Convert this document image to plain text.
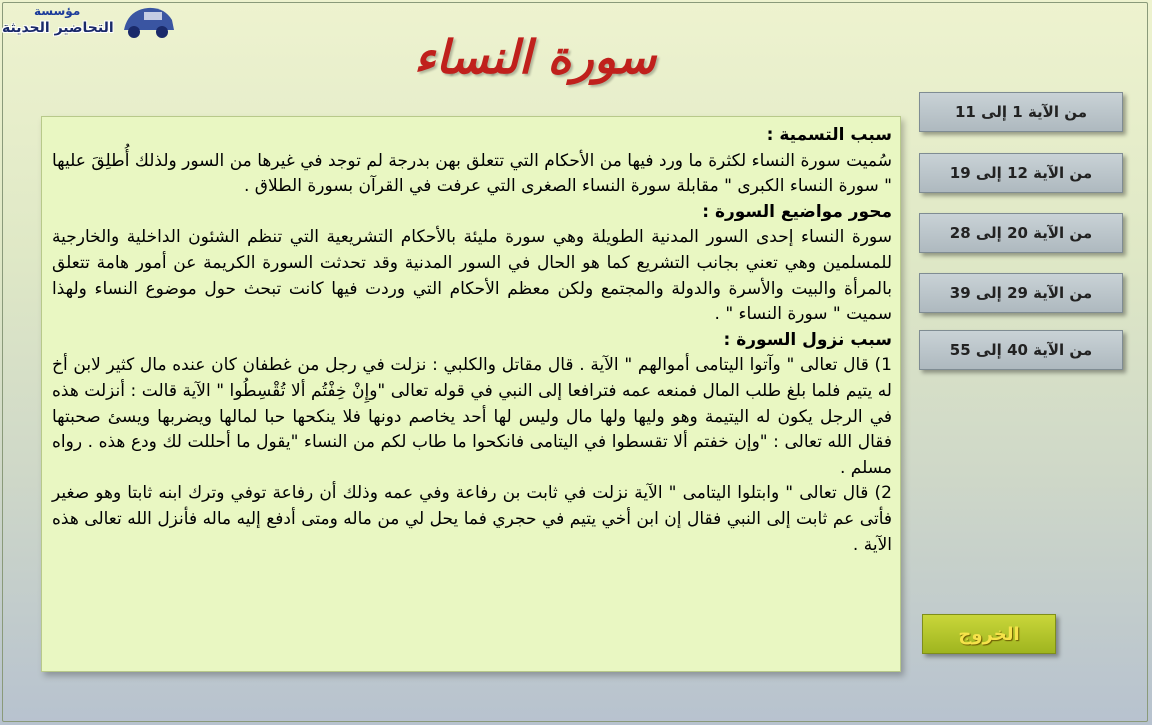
مؤسسة
التحاضير الحديثة
سورة النساء
سبب التسمية :

سُميت سورة النساء لكثرة ما ورد فيها من الأحكام التي تتعلق بهن بدرجة لم توجد في غيرها من السور ولذلك أُطلِقَ عليها " سورة النساء الكبرى " مقابلة سورة النساء الصغرى التي عرفت في القرآن بسورة الطلاق .

محور مواضيع السورة :

سورة النساء إحدى السور المدنية الطويلة وهي سورة مليئة بالأحكام التشريعية التي تنظم الشئون الداخلية والخارجية للمسلمين وهي تعني بجانب التشريع كما هو الحال في السور المدنية وقد تحدثت السورة الكريمة عن أمور هامة تتعلق بالمرأة والبيت والأسرة والدولة والمجتمع ولكن معظم الأحكام التي وردت فيها كانت تبحث حول موضوع النساء ولهذا سميت " سورة النساء " .

سبب نزول السورة :

1) قال تعالى " وآتوا اليتامى أموالهم " الآية . قال مقاتل والكلبي : نزلت في رجل من غطفان كان عنده مال كثير لابن أخ له يتيم فلما بلغ طلب المال فمنعه عمه فترافعا إلى النبي في قوله تعالى "وإِنْ خِفْتُم ألا تُقْسِطُوا " الآية قالت : أنزلت هذه في الرجل يكون له اليتيمة وهو وليها ولها مال وليس لها أحد يخاصم دونها فلا ينكحها حبا لمالها ويضربها ويسئ صحبتها فقال الله تعالى : "وإن خفتم ألا تقسطوا في اليتامى فانكحوا ما طاب لكم من النساء "يقول ما أحللت لك ودع هذه . رواه مسلم .

2) قال تعالى " وابتلوا اليتامى " الآية نزلت في ثابت بن رفاعة وفي عمه وذلك أن رفاعة توفي وترك ابنه ثابتا وهو صغير فأتى عم ثابت إلى النبي فقال إن ابن أخي يتيم في حجري فما يحل لي من ماله ومتى أدفع إليه ماله فأنزل الله تعالى هذه الآية .

من الآية 1 إلى 11
من الآية 12 إلى 19
من الآية 20 إلى 28
من الآية 29 إلى 39
من الآية 40 إلى 55
الخروج
